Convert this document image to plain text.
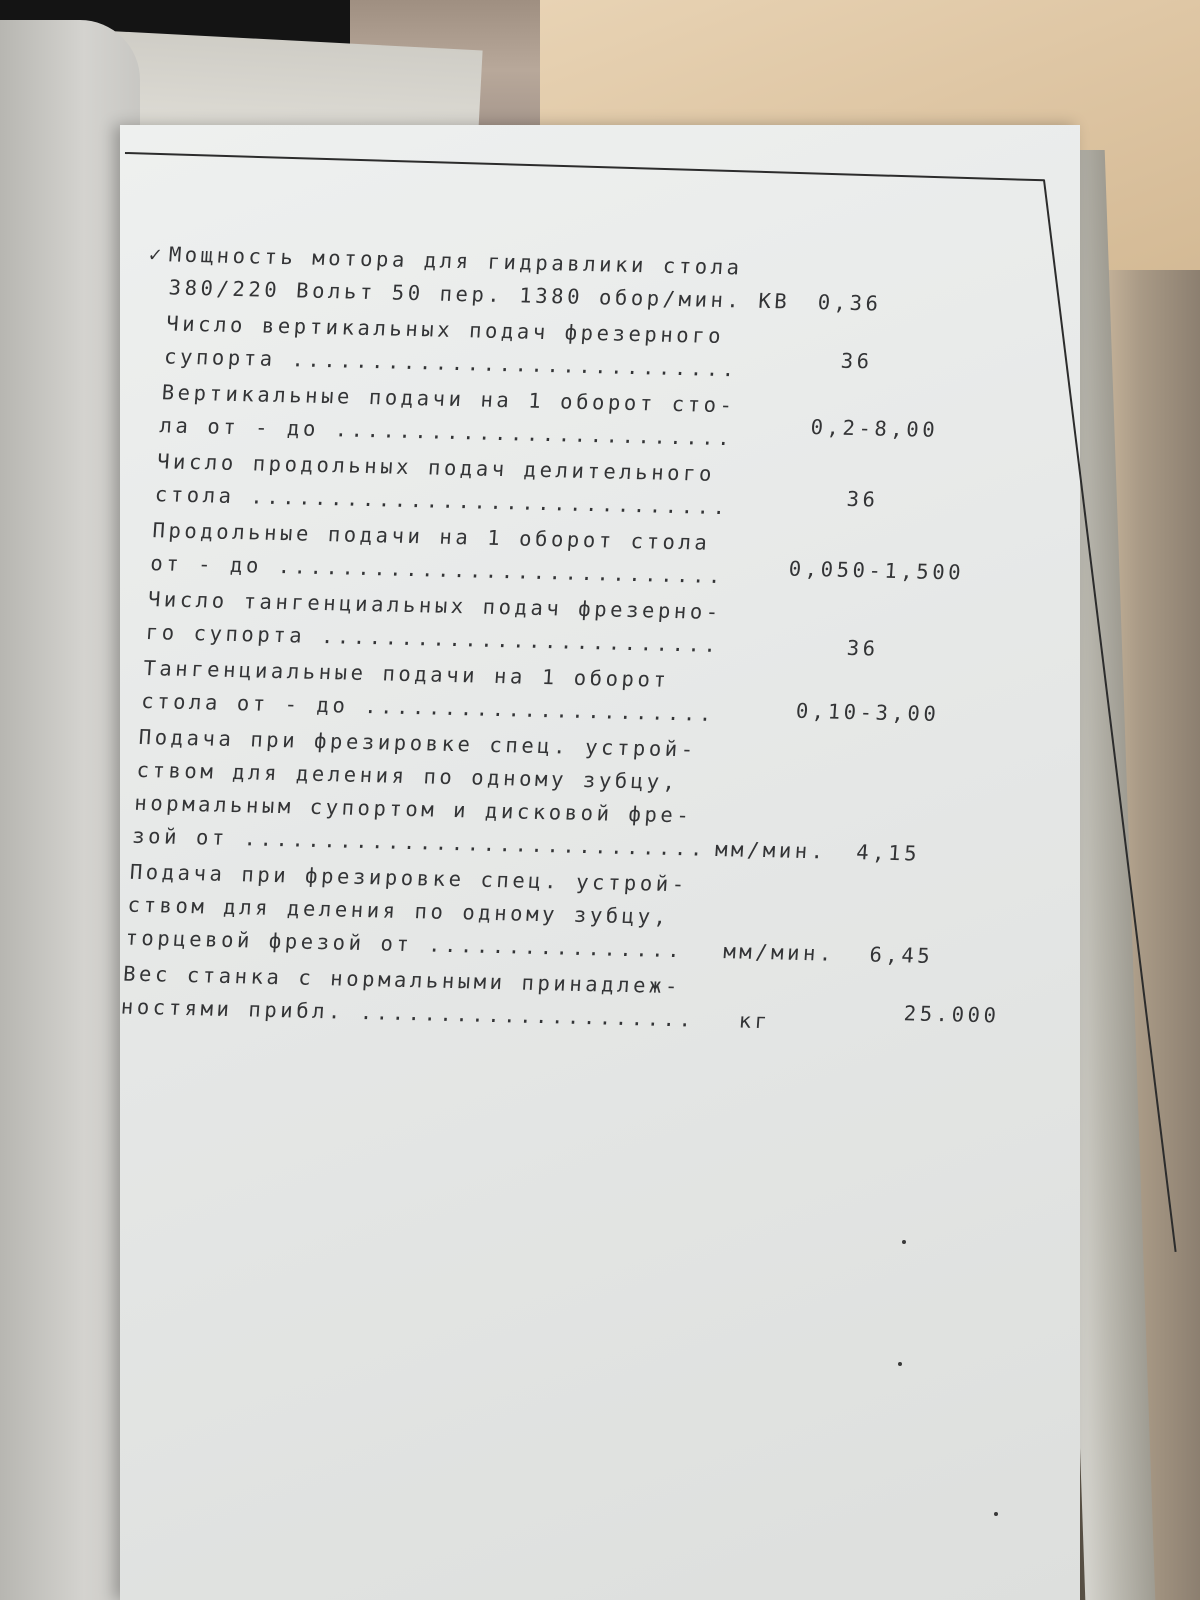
✓ Мощность мотора для гидравлики стола
380/220 Вольт 50 пер. 1380 обор/мин. КВ	0,36
Число вертикальных подач фрезерного
супорта ............................	36
Вертикальные подачи на 1 оборот сто-
ла от - до .........................	0,2-8,00
Число продольных подач делительного
стола ..............................	36
Продольные подачи на 1 оборот стола
от - до ............................	0,050-1,500
Число тангенциальных подач фрезерно-
го супорта .........................	36
Тангенциальные подачи на 1 оборот
стола от - до ......................	0,10-3,00
Подача при фрезировке спец. устрой-
ством для деления по одному зубцу,
нормальным супортом и дисковой фре-
зой от ............................. мм/мин.	4,15
Подача при фрезировке спец. устрой-
ством для деления по одному зубцу,
торцевой фрезой от ................	мм/мин.	6,45
Вес станка с нормальными принадлеж-
ностями прибл. .....................	кг	25.000
